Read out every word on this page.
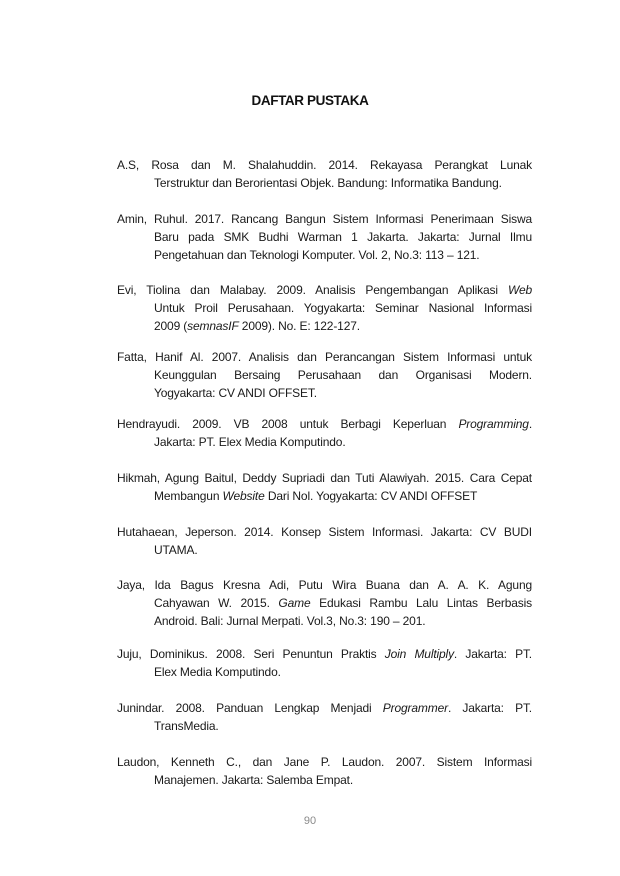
DAFTAR PUSTAKA
A.S, Rosa dan M. Shalahuddin. 2014. Rekayasa Perangkat Lunak
Terstruktur dan Berorientasi Objek. Bandung: Informatika Bandung.
Amin, Ruhul. 2017. Rancang Bangun Sistem Informasi Penerimaan Siswa
Baru pada SMK Budhi Warman 1 Jakarta. Jakarta: Jurnal Ilmu
Pengetahuan dan Teknologi Komputer. Vol. 2, No.3: 113 – 121.
Evi, Tiolina dan Malabay. 2009. Analisis Pengembangan Aplikasi Web
Untuk Proil Perusahaan. Yogyakarta: Seminar Nasional Informasi
2009 (semnasIF 2009). No. E: 122-127.
Fatta, Hanif Al. 2007. Analisis dan Perancangan Sistem Informasi untuk
Keunggulan Bersaing Perusahaan dan Organisasi Modern.
Yogyakarta: CV ANDI OFFSET.
Hendrayudi. 2009. VB 2008 untuk Berbagi Keperluan Programming.
Jakarta: PT. Elex Media Komputindo.
Hikmah, Agung Baitul, Deddy Supriadi dan Tuti Alawiyah. 2015. Cara Cepat
Membangun Website Dari Nol. Yogyakarta: CV ANDI OFFSET
Hutahaean, Jeperson. 2014. Konsep Sistem Informasi. Jakarta: CV BUDI
UTAMA.
Jaya, Ida Bagus Kresna Adi, Putu Wira Buana dan A. A. K. Agung
Cahyawan W. 2015. Game Edukasi Rambu Lalu Lintas Berbasis
Android. Bali: Jurnal Merpati. Vol.3, No.3: 190 – 201.
Juju, Dominikus. 2008. Seri Penuntun Praktis Join Multiply. Jakarta: PT.
Elex Media Komputindo.
Junindar. 2008. Panduan Lengkap Menjadi Programmer. Jakarta: PT.
TransMedia.
Laudon, Kenneth C., dan Jane P. Laudon. 2007. Sistem Informasi
Manajemen. Jakarta: Salemba Empat.
90
